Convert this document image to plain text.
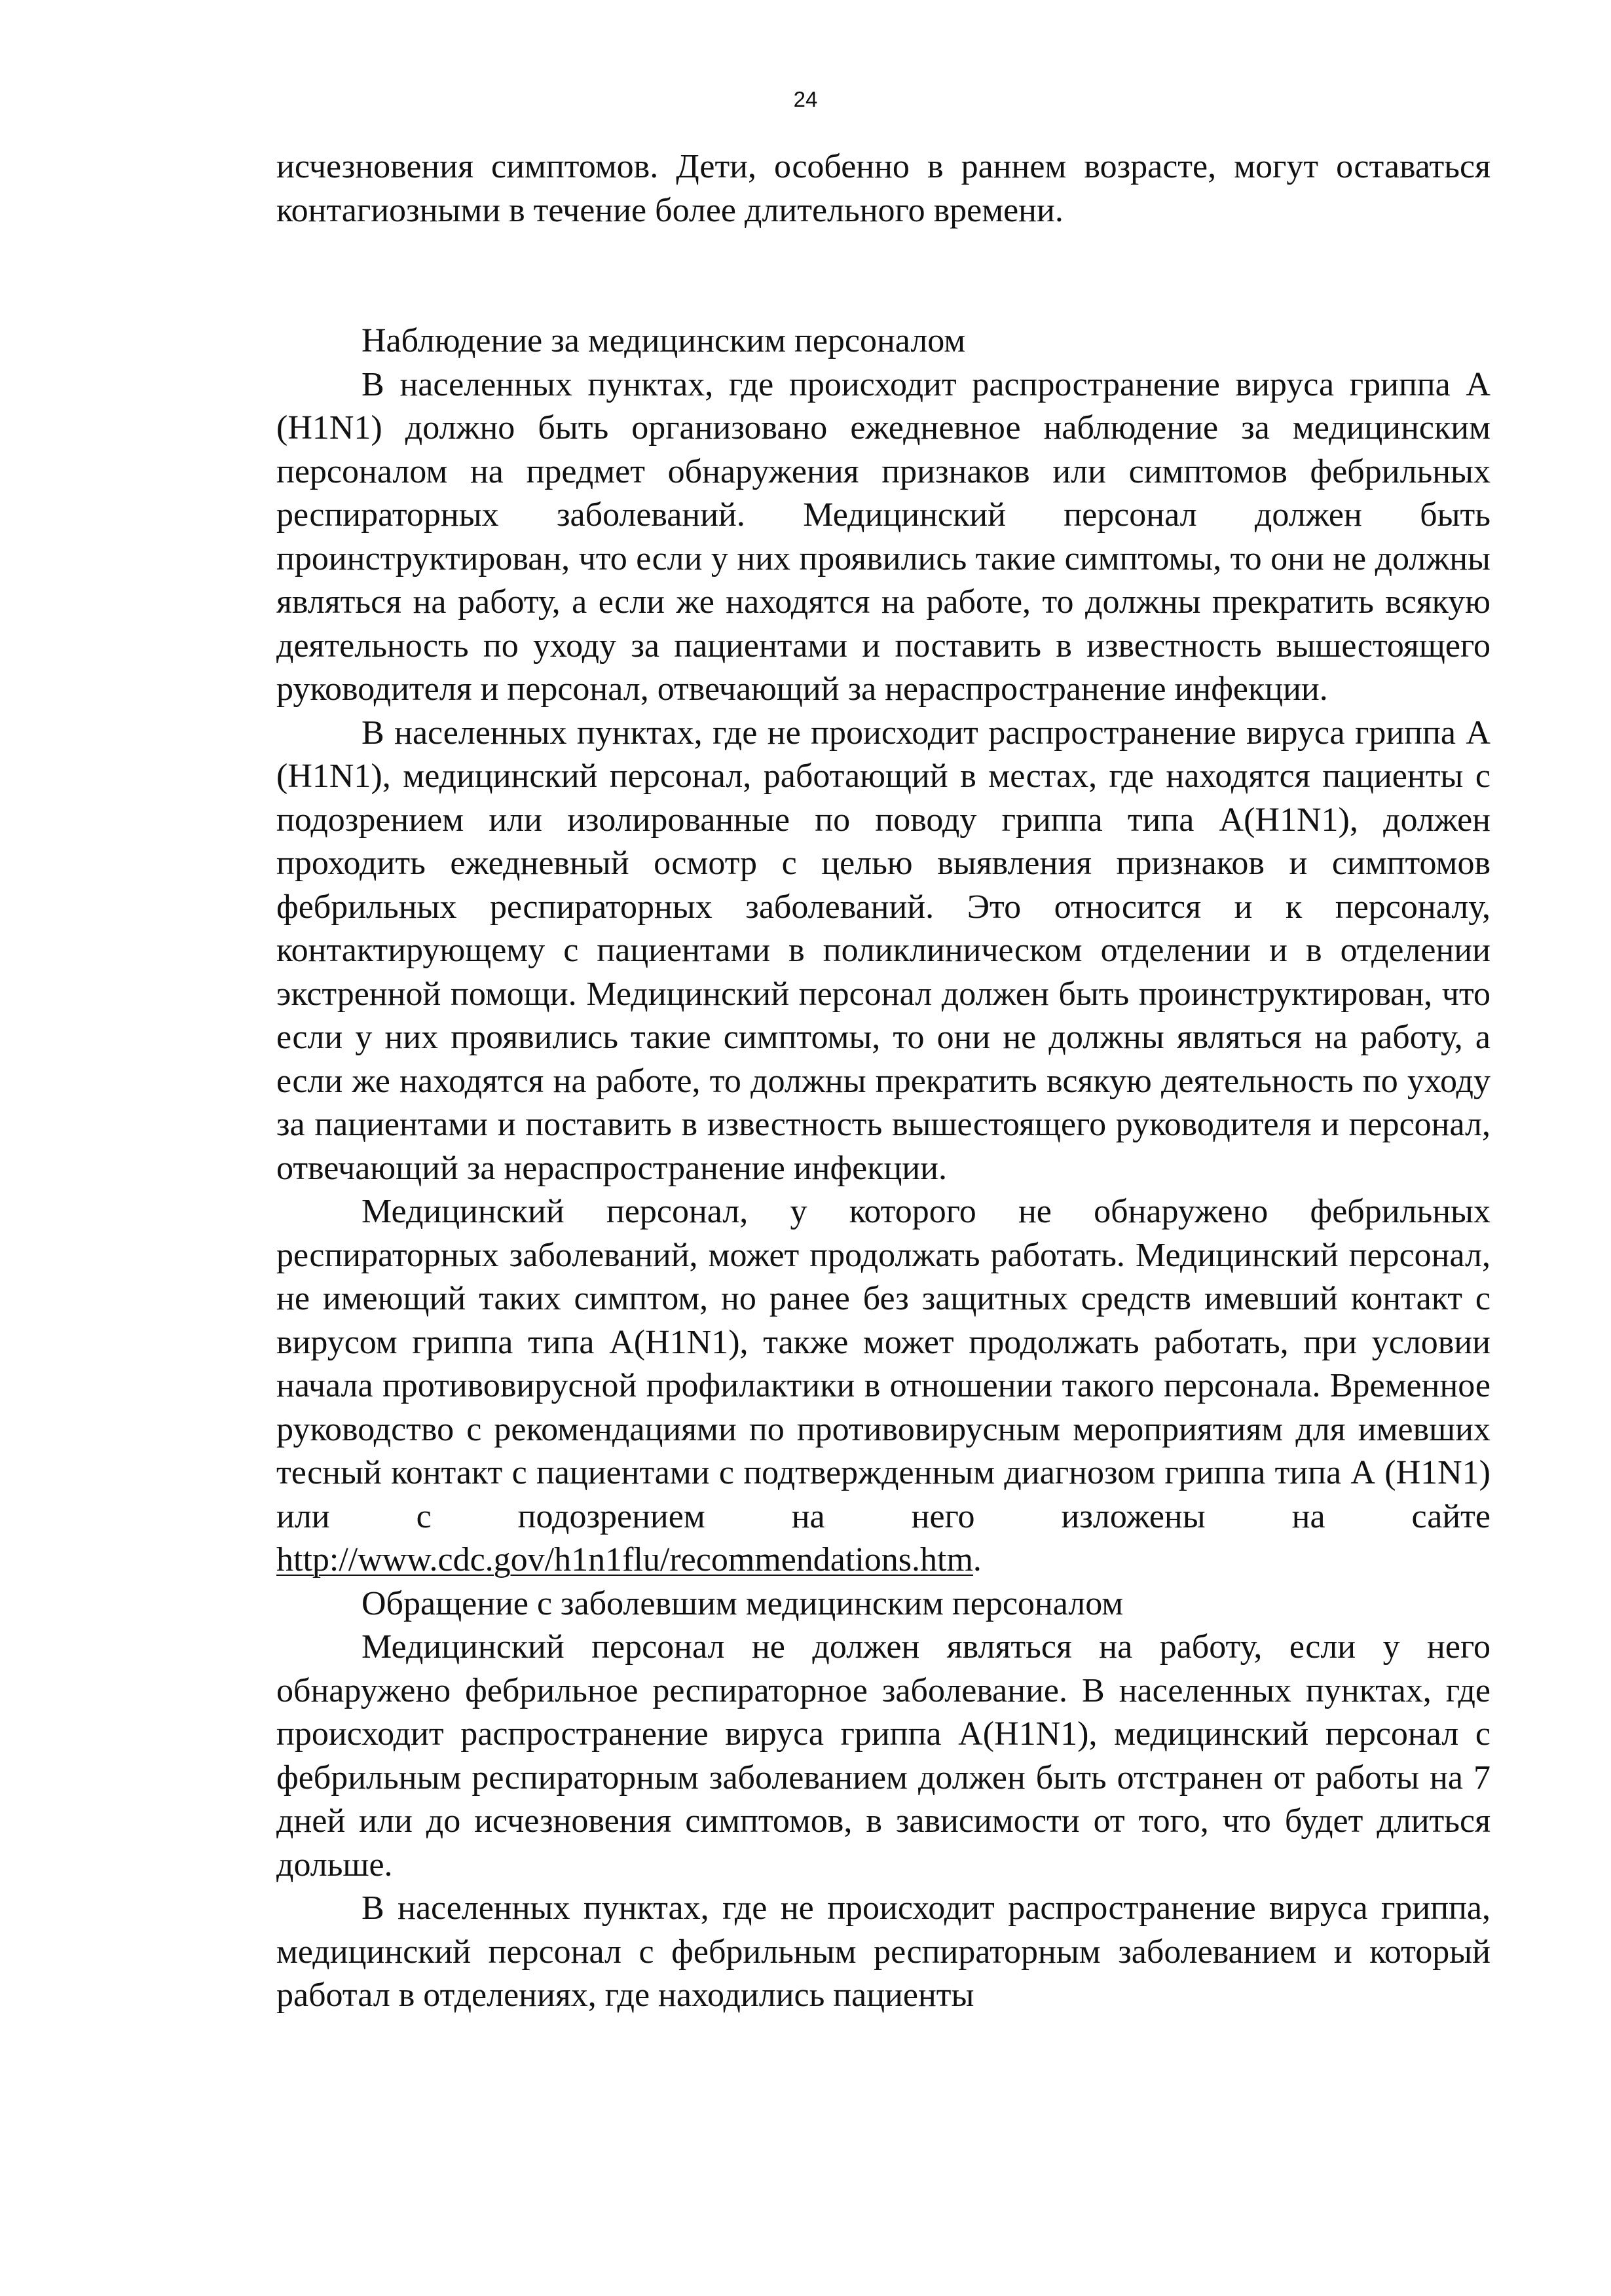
24

исчезновения симптомов. Дети, особенно в раннем возрасте, могут оставаться контагиозными в течение более длительного времени.

Наблюдение за медицинским персоналом

В населенных пунктах, где происходит распространение вируса гриппа А (H1N1) должно быть организовано ежедневное наблюдение за медицинским персоналом на предмет обнаружения признаков или симптомов фебрильных респираторных заболеваний. Медицинский персонал должен быть проинструктирован, что если у них проявились такие симптомы, то они не должны являться на работу, а если же находятся на работе, то должны прекратить всякую деятельность по уходу за пациентами и поставить в известность вышестоящего руководителя и персонал, отвечающий за нераспространение инфекции.

В населенных пунктах, где не происходит распространение вируса гриппа А (H1N1), медицинский персонал, работающий в местах, где находятся пациенты с подозрением или изолированные по поводу гриппа типа А(H1N1), должен проходить ежедневный осмотр с целью выявления признаков и симптомов фебрильных респираторных заболеваний. Это относится и к персоналу, контактирующему с пациентами в поликлиническом отделении и в отделении экстренной помощи. Медицинский персонал должен быть проинструктирован, что если у них проявились такие симптомы, то они не должны являться на работу, а если же находятся на работе, то должны прекратить всякую деятельность по уходу за пациентами и поставить в известность вышестоящего руководителя и персонал, отвечающий за нераспространение инфекции.

Медицинский персонал, у которого не обнаружено фебрильных респираторных заболеваний, может продолжать работать. Медицинский персонал, не имеющий таких симптом, но ранее без защитных средств имевший контакт с вирусом гриппа типа А(H1N1), также может продолжать работать, при условии начала противовирусной профилактики в отношении такого персонала. Временное руководство с рекомендациями по противовирусным мероприятиям для имевших тесный контакт с пациентами с подтвержденным диагнозом гриппа типа А (H1N1) или с подозрением на него изложены на сайте http://www.cdc.gov/h1n1flu/recommendations.htm.

Обращение с заболевшим медицинским персоналом

Медицинский персонал не должен являться на работу, если у него обнаружено фебрильное респираторное заболевание. В населенных пунктах, где происходит распространение вируса гриппа А(H1N1), медицинский персонал с фебрильным респираторным заболеванием должен быть отстранен от работы на 7 дней или до исчезновения симптомов, в зависимости от того, что будет длиться дольше.

В населенных пунктах, где не происходит распространение вируса гриппа, медицинский персонал с фебрильным респираторным заболеванием и который работал в отделениях, где находились пациенты
